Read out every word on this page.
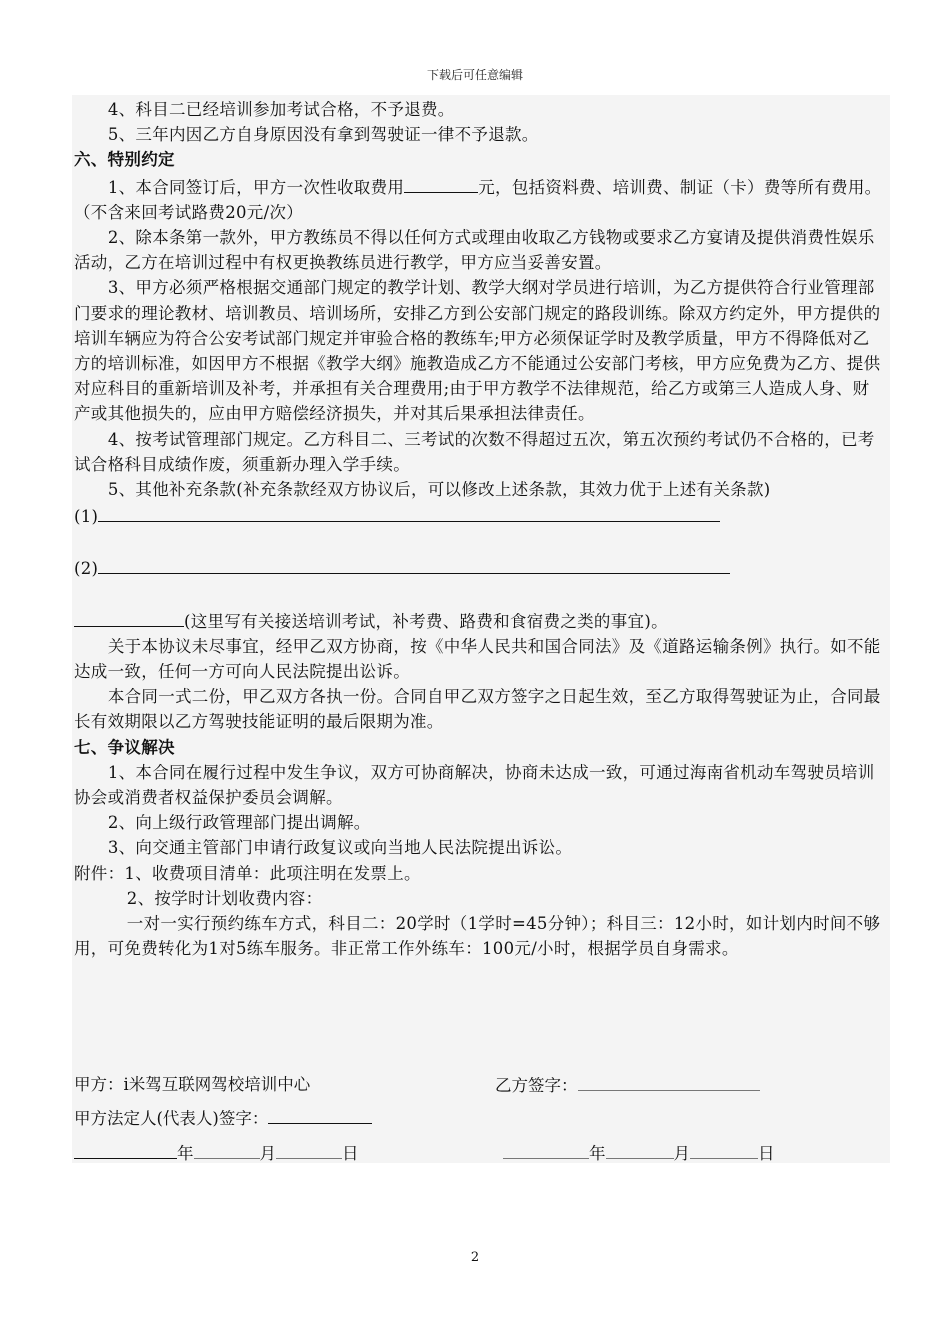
下载后可任意编辑

4、科目二已经培训参加考试合格，不予退费。

5、三年内因乙方自身原因没有拿到驾驶证一律不予退款。

六、特别约定

1、本合同签订后，甲方一次性收取费用	元，包括资料费、培训费、制证（卡）费等所有费用。（不含来回考试路费20元/次）

2、除本条第一款外，甲方教练员不得以任何方式或理由收取乙方钱物或要求乙方宴请及提供消费性娱乐活动，乙方在培训过程中有权更换教练员进行教学，甲方应当妥善安置。

3、甲方必须严格根据交通部门规定的教学计划、教学大纲对学员进行培训，为乙方提供符合行业管理部门要求的理论教材、培训教员、培训场所，安排乙方到公安部门规定的路段训练。除双方约定外，甲方提供的培训车辆应为符合公安考试部门规定并审验合格的教练车;甲方必须保证学时及教学质量，甲方不得降低对乙方的培训标准，如因甲方不根据《教学大纲》施教造成乙方不能通过公安部门考核，甲方应免费为乙方、提供对应科目的重新培训及补考，并承担有关合理费用;由于甲方教学不法律规范，给乙方或第三人造成人身、财产或其他损失的，应由甲方赔偿经济损失，并对其后果承担法律责任。

4、按考试管理部门规定。乙方科目二、三考试的次数不得超过五次，第五次预约考试仍不合格的，已考试合格科目成绩作废，须重新办理入学手续。

5、其他补充条款(补充条款经双方协议后，可以修改上述条款，其效力优于上述有关条款)

(1)

(2)

(这里写有关接送培训考试，补考费、路费和食宿费之类的事宜)。

关于本协议未尽事宜，经甲乙双方协商，按《中华人民共和国合同法》及《道路运输条例》执行。如不能达成一致，任何一方可向人民法院提出讼诉。

本合同一式二份，甲乙双方各执一份。合同自甲乙双方签字之日起生效，至乙方取得驾驶证为止，合同最长有效期限以乙方驾驶技能证明的最后限期为准。

七、争议解决

1、本合同在履行过程中发生争议，双方可协商解决，协商未达成一致，可通过海南省机动车驾驶员培训协会或消费者权益保护委员会调解。

2、向上级行政管理部门提出调解。

3、向交通主管部门申请行政复议或向当地人民法院提出诉讼。

附件：1、收费项目清单：此项注明在发票上。

2、按学时计划收费内容：

一对一实行预约练车方式，科目二：20学时（1学时=45分钟）；科目三：12小时，如计划内时间不够用，可免费转化为1对5练车服务。非正常工作外练车：100元/小时，根据学员自身需求。

甲方：i米驾互联网驾校培训中心	乙方签字：
甲方法定人(代表人)签字：
年	月	日	年	月	日
2
